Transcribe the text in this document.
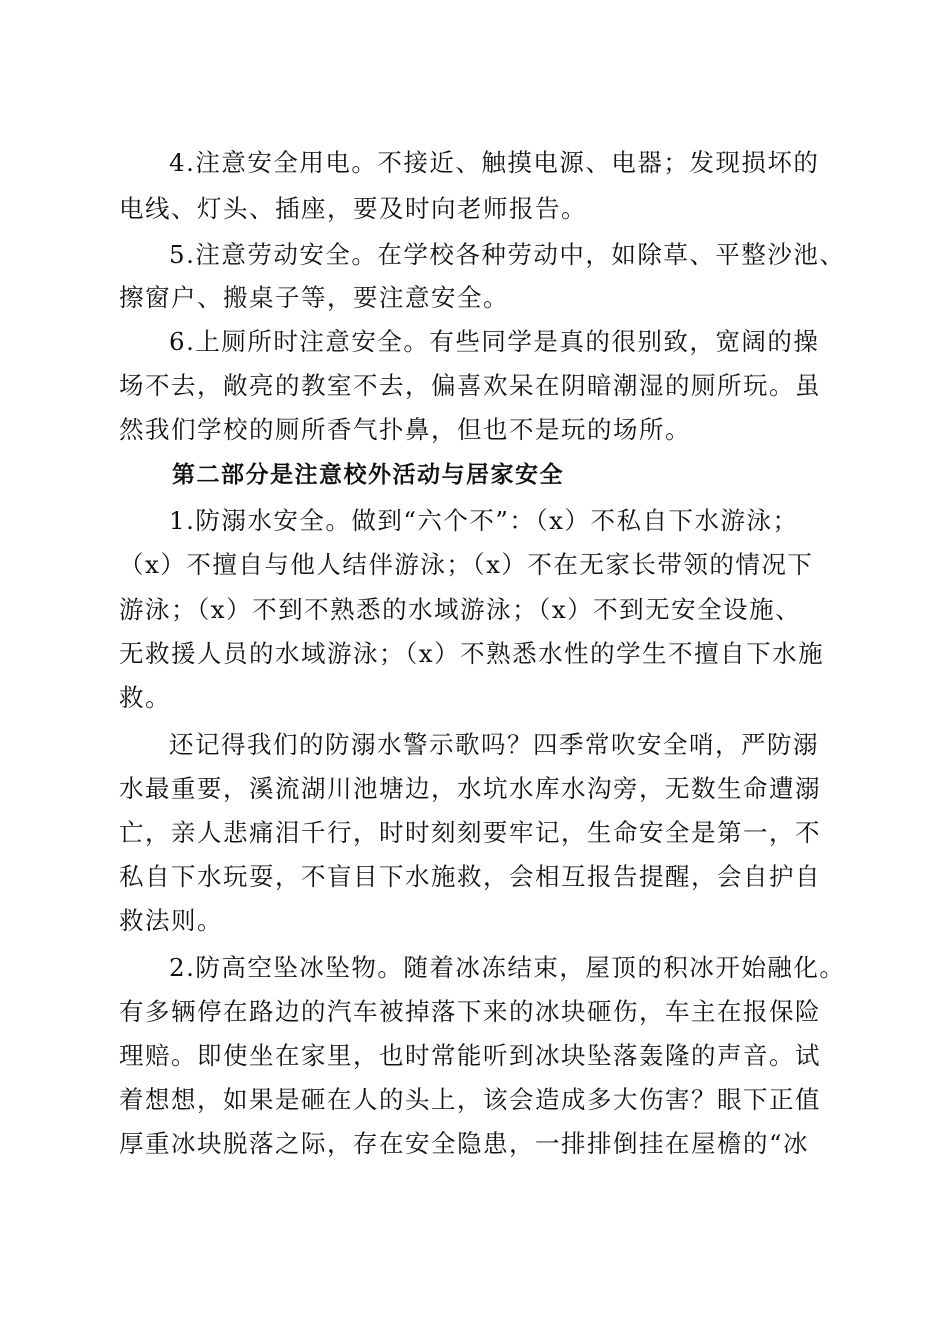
4.注意安全用电。不接近、触摸电源、电器；发现损坏的
电线、灯头、插座，要及时向老师报告。
5.注意劳动安全。在学校各种劳动中，如除草、平整沙池、
擦窗户、搬桌子等，要注意安全。
6.上厕所时注意安全。有些同学是真的很别致，宽阔的操
场不去，敞亮的教室不去，偏喜欢呆在阴暗潮湿的厕所玩。虽
然我们学校的厕所香气扑鼻，但也不是玩的场所。
第二部分是注意校外活动与居家安全
1.防溺水安全。做到“六个不”：（x）不私自下水游泳；
（x）不擅自与他人结伴游泳；（x）不在无家长带领的情况下
游泳；（x）不到不熟悉的水域游泳；（x）不到无安全设施、
无救援人员的水域游泳；（x）不熟悉水性的学生不擅自下水施
救。
还记得我们的防溺水警示歌吗？四季常吹安全哨，严防溺
水最重要，溪流湖川池塘边，水坑水库水沟旁，无数生命遭溺
亡，亲人悲痛泪千行，时时刻刻要牢记，生命安全是第一，不
私自下水玩耍，不盲目下水施救，会相互报告提醒，会自护自
救法则。
2.防高空坠冰坠物。随着冰冻结束，屋顶的积冰开始融化。
有多辆停在路边的汽车被掉落下来的冰块砸伤，车主在报保险
理赔。即使坐在家里，也时常能听到冰块坠落轰隆的声音。试
着想想，如果是砸在人的头上，该会造成多大伤害？眼下正值
厚重冰块脱落之际，存在安全隐患，一排排倒挂在屋檐的“冰
